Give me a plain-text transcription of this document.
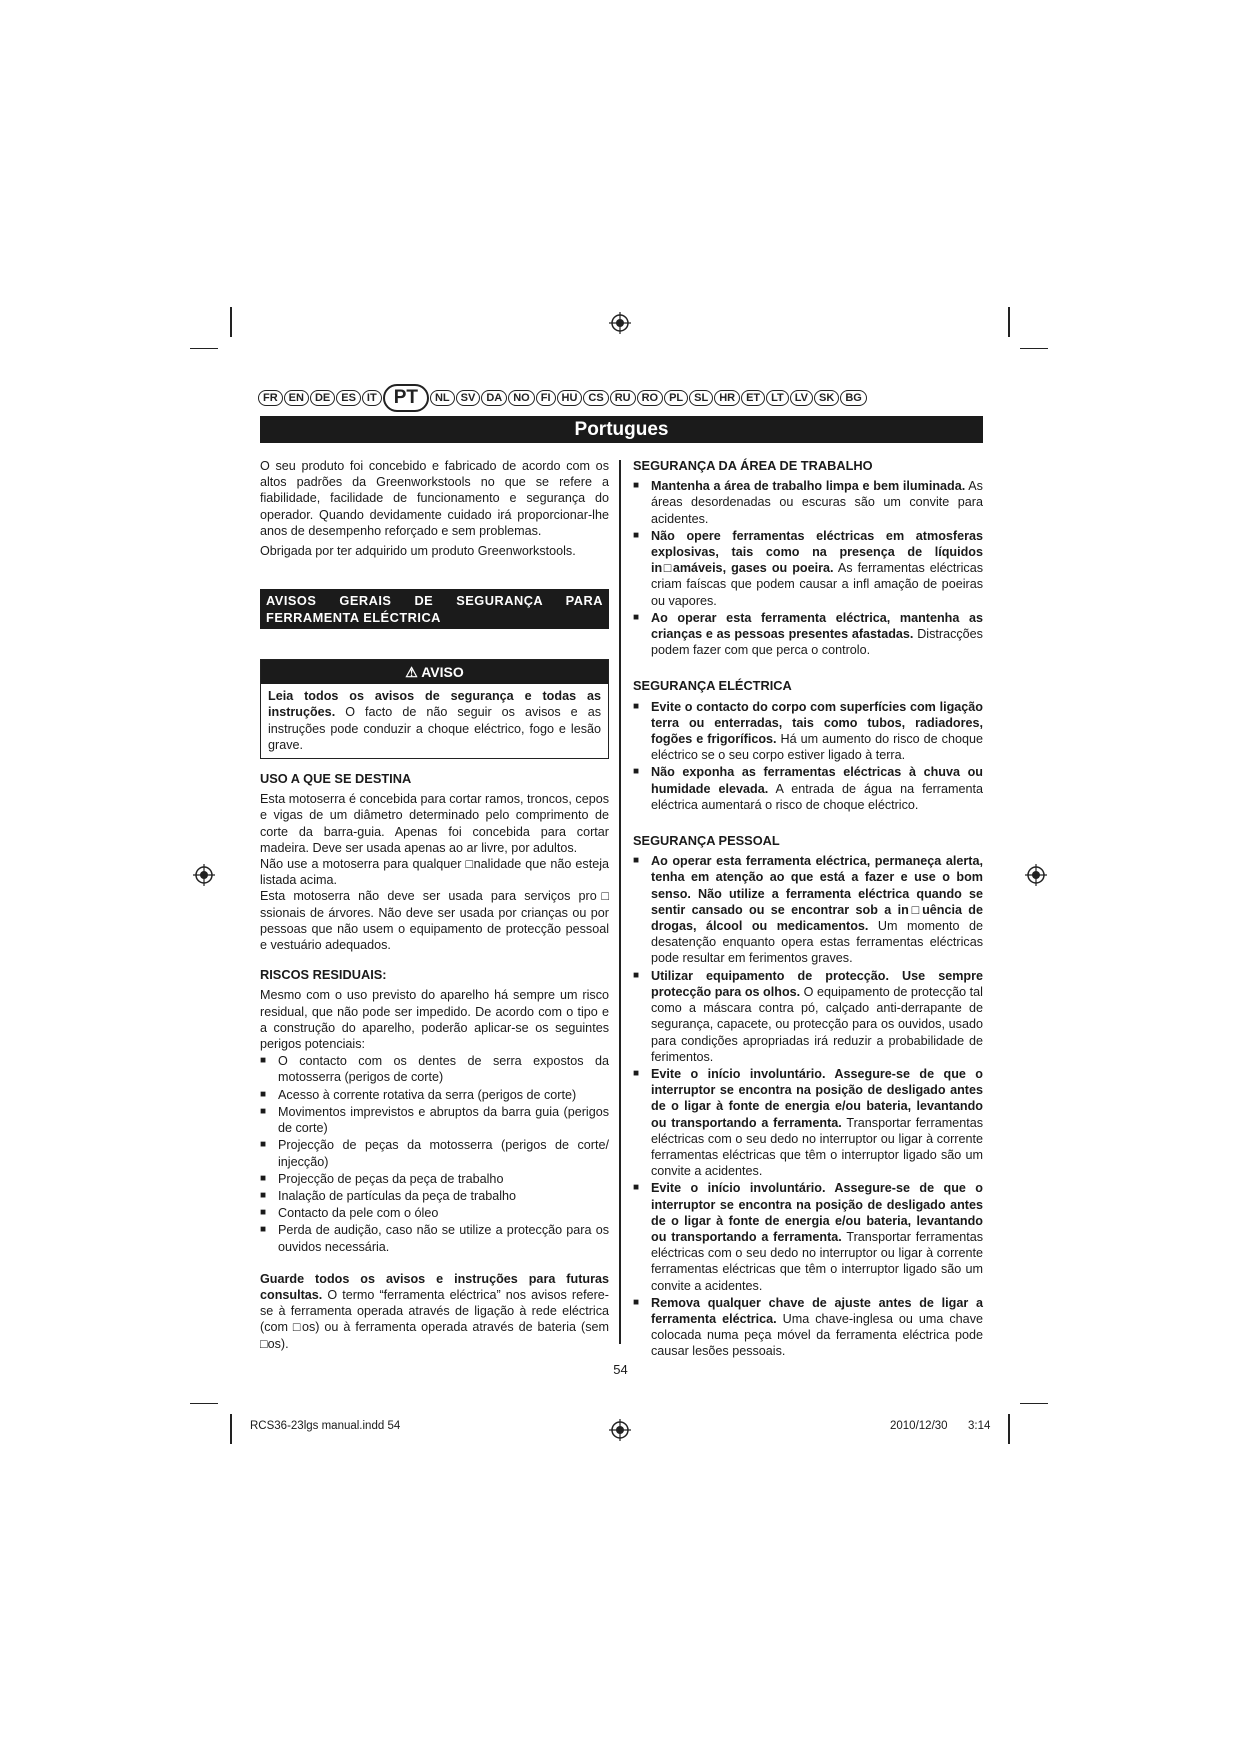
FR	EN	DE	ES	IT PT	NL	SV	DA	NO	FI	HU	CS	RU	RO	PL	SL	HR	ET	LT	LV	SK	BG
Portugues

O seu produto foi concebido e fabricado de acordo com os altos padrões da Greenworkstools no que se refere a fiabilidade, facilidade de funcionamento e segurança do operador. Quando devidamente cuidado irá proporcionar-lhe anos de desempenho reforçado e sem problemas.

Obrigada por ter adquirido um produto Greenworkstools.

AVISOS GERAIS DE SEGURANÇA PARA FERRAMENTA ELÉCTRICA
⚠ AVISO
Leia todos os avisos de segurança e todas as instruções. O facto de não seguir os avisos e as instruções pode conduzir a choque eléctrico, fogo e lesão grave.

USO A QUE SE DESTINA

Esta motoserra é concebida para cortar ramos, troncos, cepos e vigas de um diâmetro determinado pelo comprimento de corte da barra-guia. Apenas foi concebida para cortar madeira. Deve ser usada apenas ao ar livre, por adultos.

Não use a motoserra para qualquer □nalidade que não esteja listada acima.

Esta motoserra não deve ser usada para serviços pro□ ssionais de árvores. Não deve ser usada por crianças ou por pessoas que não usem o equipamento de protecção pessoal e vestuário adequados.

RISCOS RESIDUAIS:

Mesmo com o uso previsto do aparelho há sempre um risco residual, que não pode ser impedido. De acordo com o tipo e a construção do aparelho, poderão aplicar-se os seguintes perigos potenciais:

■ O contacto com os dentes de serra expostos da motosserra (perigos de corte)
■ Acesso à corrente rotativa da serra (perigos de corte)
■ Movimentos imprevistos e abruptos da barra guia (perigos de corte)
■ Projecção de peças da motosserra (perigos de corte/ injecção)
■ Projecção de peças da peça de trabalho
■ Inalação de partículas da peça de trabalho
■ Contacto da pele com o óleo
■ Perda de audição, caso não se utilize a protecção para os ouvidos necessária.

Guarde todos os avisos e instruções para futuras consultas. O termo “ferramenta eléctrica” nos avisos refere-se à ferramenta operada através de ligação à rede eléctrica (com □os) ou à ferramenta operada através de bateria (sem □os).

SEGURANÇA DA ÁREA DE TRABALHO

■ Mantenha a área de trabalho limpa e bem iluminada. As áreas desordenadas ou escuras são um convite para acidentes.
■ Não opere ferramentas eléctricas em atmosferas explosivas, tais como na presença de líquidos in□amáveis, gases ou poeira. As ferramentas eléctricas criam faíscas que podem causar a infl amação de poeiras ou vapores.
■ Ao operar esta ferramenta eléctrica, mantenha as crianças e as pessoas presentes afastadas. Distracções podem fazer com que perca o controlo.

SEGURANÇA ELÉCTRICA

■ Evite o contacto do corpo com superfícies com ligação terra ou enterradas, tais como tubos, radiadores, fogões e frigoríficos. Há um aumento do risco de choque eléctrico se o seu corpo estiver ligado à terra.
■ Não exponha as ferramentas eléctricas à chuva ou humidade elevada. A entrada de água na ferramenta eléctrica aumentará o risco de choque eléctrico.

SEGURANÇA PESSOAL

■ Ao operar esta ferramenta eléctrica, permaneça alerta, tenha em atenção ao que está a fazer e use o bom senso. Não utilize a ferramenta eléctrica quando se sentir cansado ou se encontrar sob a in□uência de drogas, álcool ou medicamentos. Um momento de desatenção enquanto opera estas ferramentas eléctricas pode resultar em ferimentos graves.
■ Utilizar equipamento de protecção. Use sempre protecção para os olhos. O equipamento de protecção tal como a máscara contra pó, calçado anti-derrapante de segurança, capacete, ou protecção para os ouvidos, usado para condições apropriadas irá reduzir a probabilidade de ferimentos.
■ Evite o início involuntário. Assegure-se de que o interruptor se encontra na posição de desligado antes de o ligar à fonte de energia e/ou bateria, levantando ou transportando a ferramenta. Transportar ferramentas eléctricas com o seu dedo no interruptor ou ligar à corrente ferramentas eléctricas que têm o interruptor ligado são um convite a acidentes.
■ Evite o início involuntário. Assegure-se de que o interruptor se encontra na posição de desligado antes de o ligar à fonte de energia e/ou bateria, levantando ou transportando a ferramenta. Transportar ferramentas eléctricas com o seu dedo no interruptor ou ligar à corrente ferramentas eléctricas que têm o interruptor ligado são um convite a acidentes.
■ Remova qualquer chave de ajuste antes de ligar a ferramenta eléctrica. Uma chave-inglesa ou uma chave colocada numa peça móvel da ferramenta eléctrica pode causar lesões pessoais.
54
RCS36-23lgs manual.indd 54	2010/12/30 3:14
